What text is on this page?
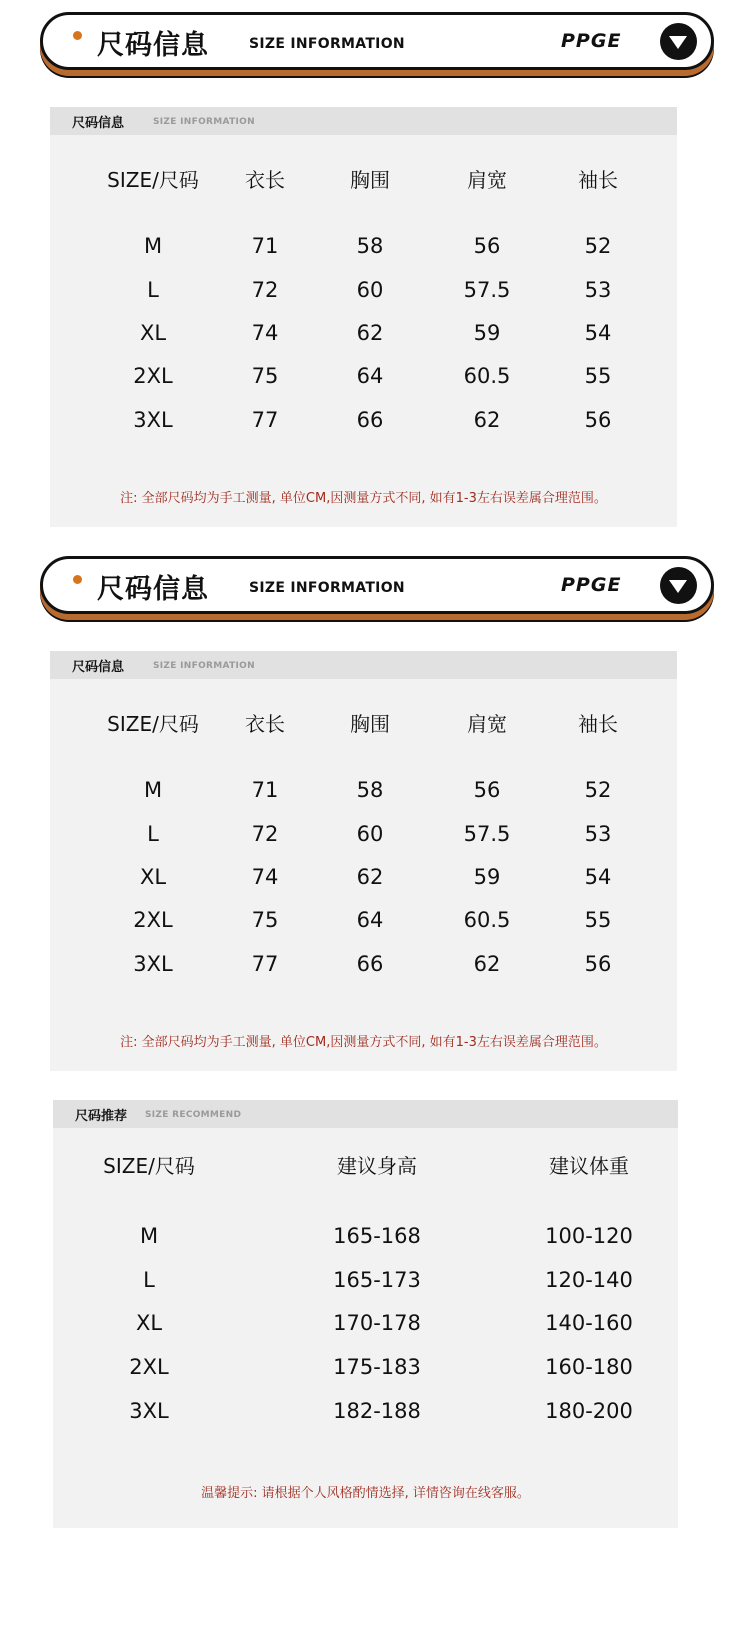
尺码信息	SIZE INFORMATION	PPGE
尺码信息	SIZE INFORMATION
SIZE/尺码 衣长	胸围	肩宽	袖长
M	71	58	56	52
L	72	60	57.5	53
XL	74	62	59	54
2XL	75	64	60.5	55
3XL	77	66	62	56
注: 全部尺码均为手工测量, 单位CM,因测量方式不同, 如有1-3左右误差属合理范围。
尺码信息	SIZE INFORMATION	PPGE
尺码信息	SIZE INFORMATION
SIZE/尺码 衣长	胸围	肩宽	袖长
M	71	58	56	52
L	72	60	57.5	53
XL	74	62	59	54
2XL	75	64	60.5	55
3XL	77	66	62	56
注: 全部尺码均为手工测量, 单位CM,因测量方式不同, 如有1-3左右误差属合理范围。
尺码推荐 SIZE RECOMMEND
SIZE/尺码	建议身高	建议体重
M	165-168	100-120
L	165-173	120-140
XL	170-178	140-160
2XL	175-183	160-180
3XL	182-188	180-200
温馨提示: 请根据个人风格酌情选择, 详情咨询在线客服。
